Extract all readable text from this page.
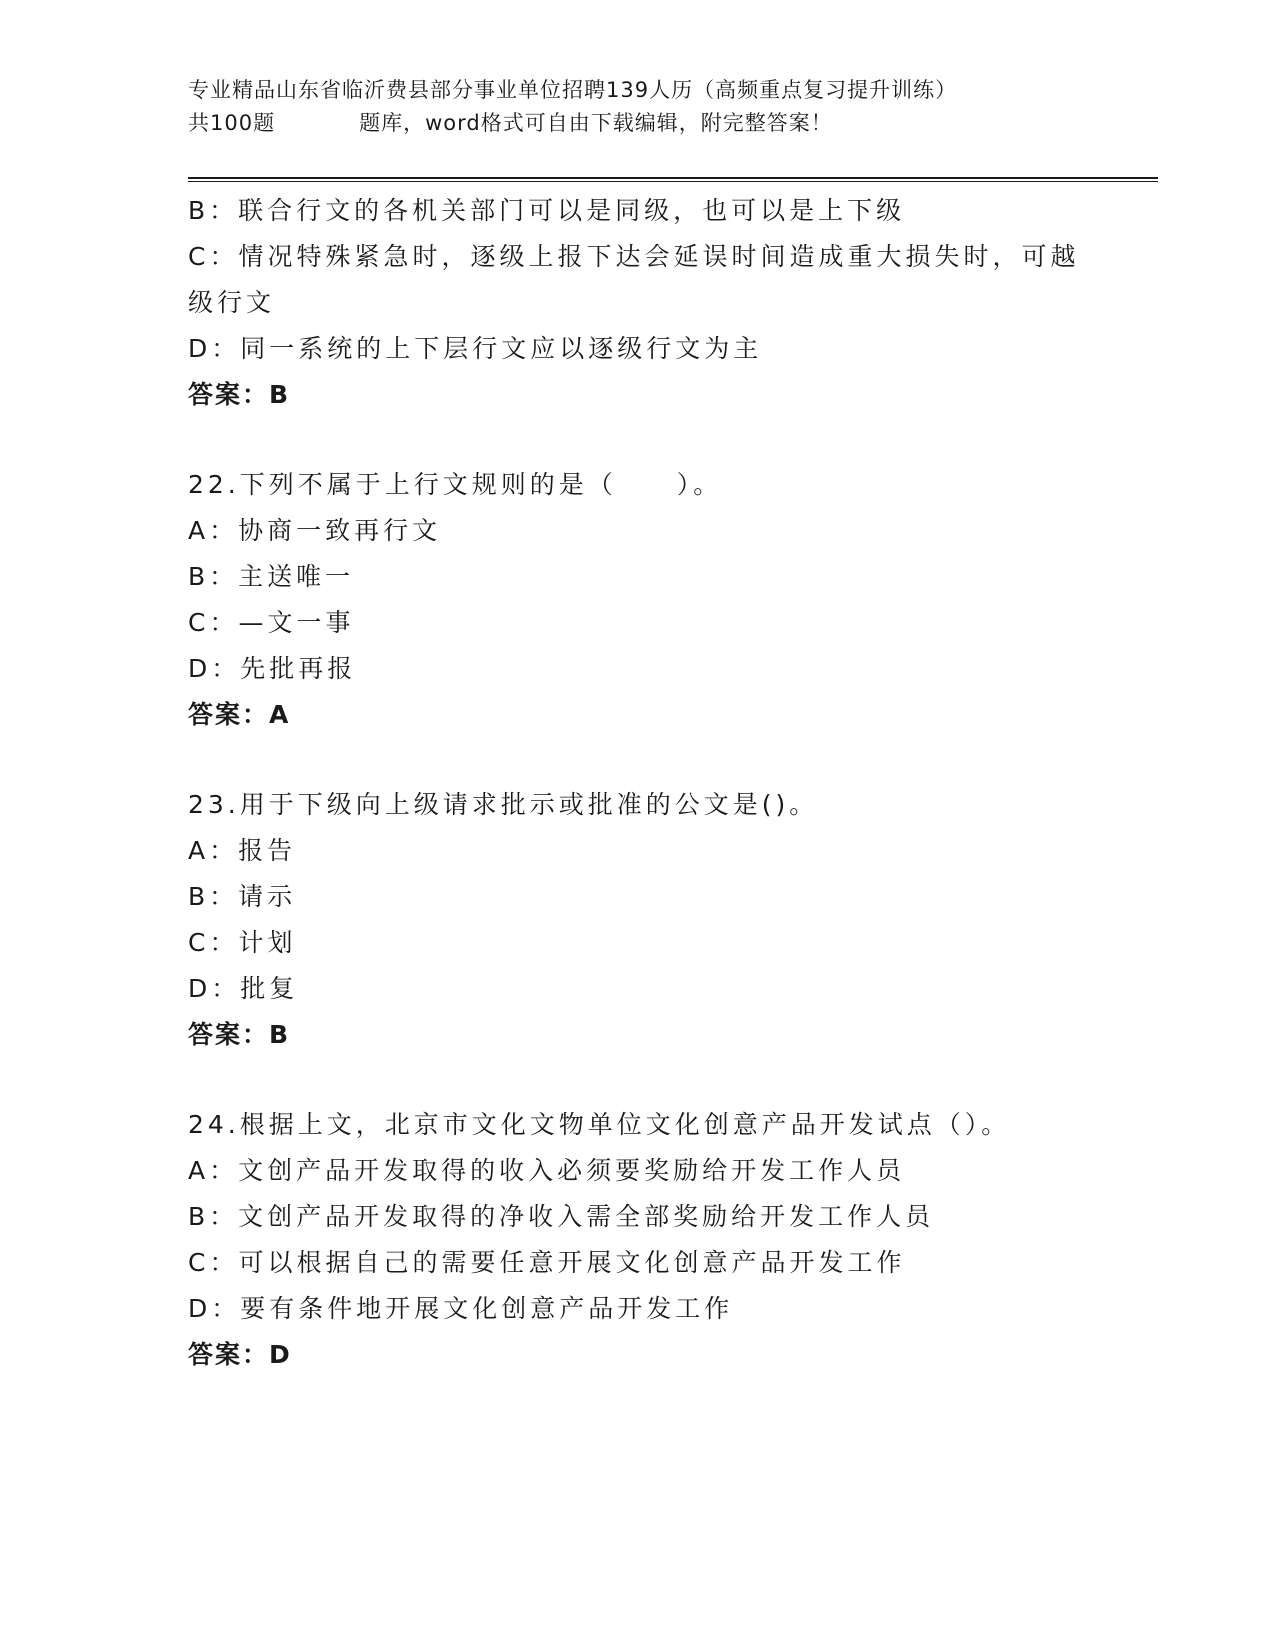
专业精品山东省临沂费县部分事业单位招聘139人历（高频重点复习提升训练）
共100题	题库，word格式可自由下载编辑，附完整答案！
B：联合行文的各机关部门可以是同级，也可以是上下级
C：情况特殊紧急时，逐级上报下达会延误时间造成重大损失时，可越
级行文
D：同一系统的上下层行文应以逐级行文为主
答案：B
22.下列不属于上行文规则的是（ ）。
A：协商一致再行文
B：主送唯一
C：—文一事
D：先批再报
答案：A
23.用于下级向上级请求批示或批准的公文是()。
A：报告
B：请示
C：计划
D：批复
答案：B
24.根据上文，北京市文化文物单位文化创意产品开发试点（）。
A：文创产品开发取得的收入必须要奖励给开发工作人员
B：文创产品开发取得的净收入需全部奖励给开发工作人员
C：可以根据自己的需要任意开展文化创意产品开发工作
D：要有条件地开展文化创意产品开发工作
答案：D
